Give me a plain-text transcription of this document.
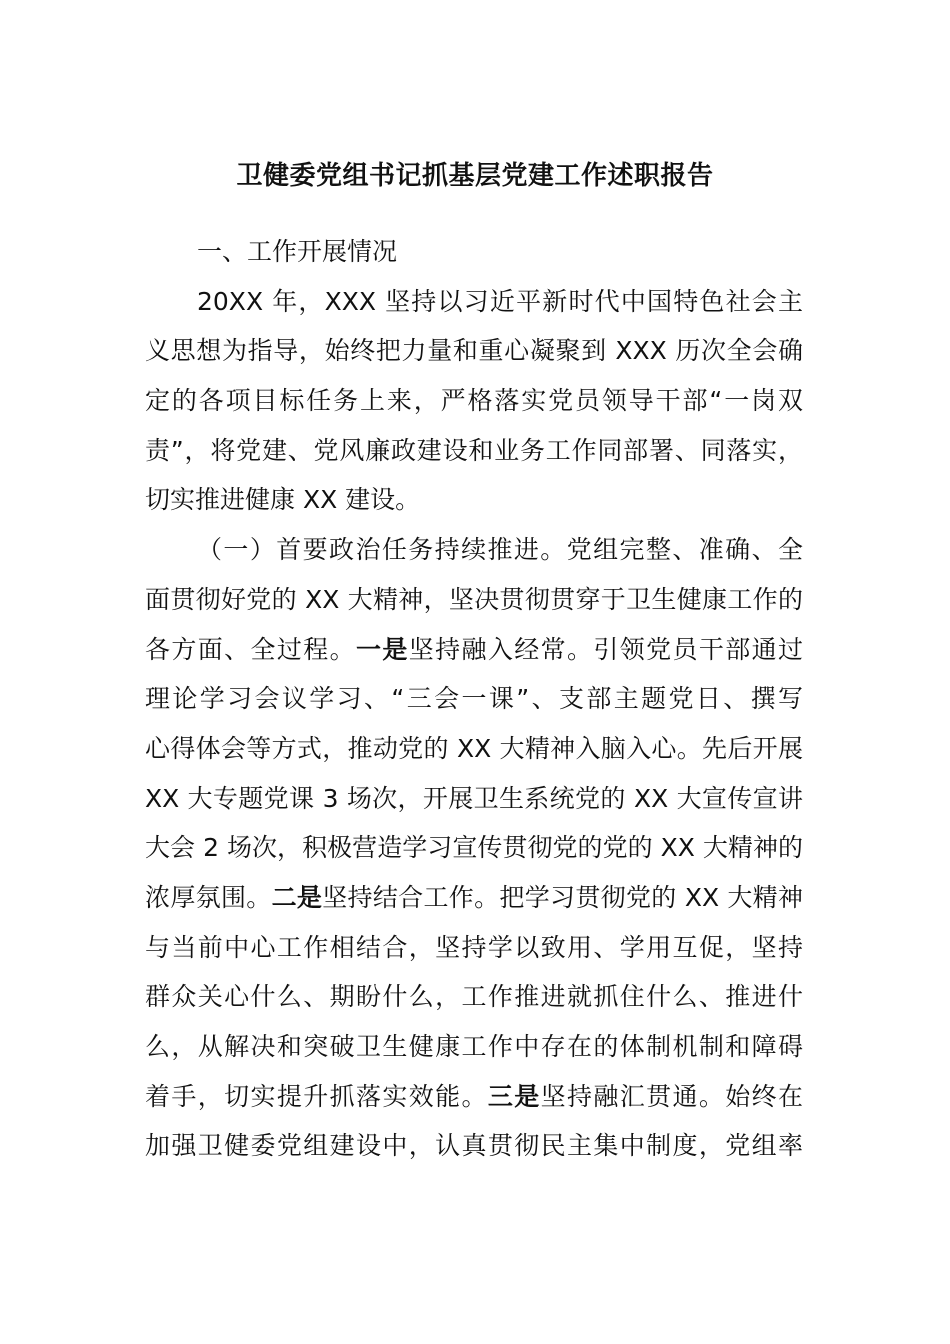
卫健委党组书记抓基层党建工作述职报告
一、工作开展情况
20XX 年，XXX 坚持以习近平新时代中国特色社会主
义思想为指导，始终把力量和重心凝聚到 XXX 历次全会确
定的各项目标任务上来，严格落实党员领导干部“一岗双
责”，将党建、党风廉政建设和业务工作同部署、同落实，
切实推进健康 XX 建设。
（一）首要政治任务持续推进。党组完整、准确、全
面贯彻好党的 XX 大精神，坚决贯彻贯穿于卫生健康工作的
各方面、全过程。一是坚持融入经常。引领党员干部通过
理论学习会议学习、“三会一课”、支部主题党日、撰写
心得体会等方式，推动党的 XX 大精神入脑入心。先后开展
XX 大专题党课 3 场次，开展卫生系统党的 XX 大宣传宣讲
大会 2 场次，积极营造学习宣传贯彻党的党的 XX 大精神的
浓厚氛围。二是坚持结合工作。把学习贯彻党的 XX 大精神
与当前中心工作相结合，坚持学以致用、学用互促，坚持
群众关心什么、期盼什么，工作推进就抓住什么、推进什
么，从解决和突破卫生健康工作中存在的体制机制和障碍
着手，切实提升抓落实效能。三是坚持融汇贯通。始终在
加强卫健委党组建设中，认真贯彻民主集中制度，党组率
